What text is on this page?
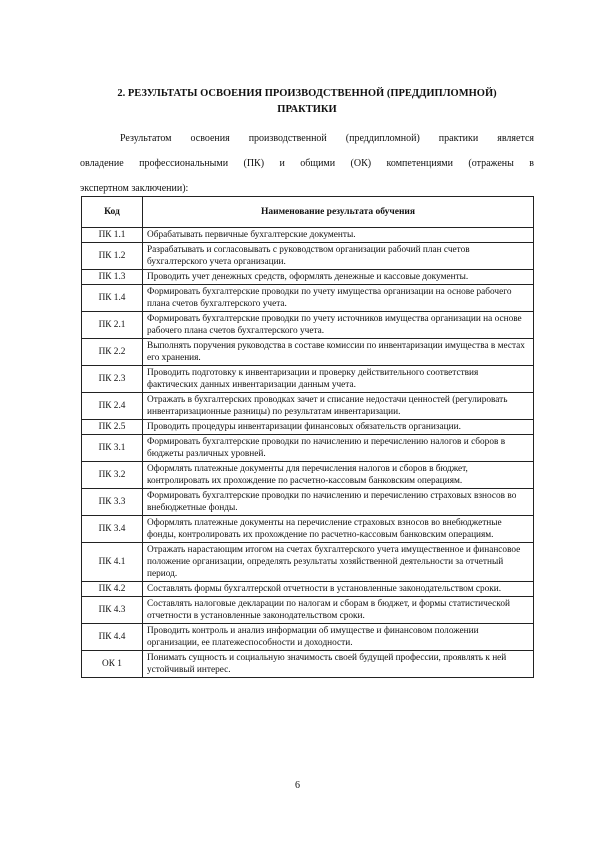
2. РЕЗУЛЬТАТЫ ОСВОЕНИЯ ПРОИЗВОДСТВЕННОЙ (ПРЕДДИПЛОМНОЙ)
ПРАКТИКИ
Результатом освоения производственной (преддипломной) практики является
овладение профессиональными (ПК) и общими (ОК) компетенциями (отражены в
экспертном заключении):
Код	Наименование результата обучения
ПК 1.1	Обрабатывать первичные бухгалтерские документы.
ПК 1.2	Разрабатывать и согласовывать с руководством организации рабочий план счетов бухгалтерского учета организации.
ПК 1.3	Проводить учет денежных средств, оформлять денежные и кассовые документы.
ПК 1.4	Формировать бухгалтерские проводки по учету имущества организации на основе рабочего плана счетов бухгалтерского учета.
ПК 2.1	Формировать бухгалтерские проводки по учету источников имущества организации на основе рабочего плана счетов бухгалтерского учета.
ПК 2.2	Выполнять поручения руководства в составе комиссии по инвентаризации имущества в местах его хранения.
ПК 2.3	Проводить подготовку к инвентаризации и проверку действительного соответствия фактических данных инвентаризации данным учета.
ПК 2.4	Отражать в бухгалтерских проводках зачет и списание недостачи ценностей (регулировать инвентаризационные разницы) по результатам инвентаризации.
ПК 2.5	Проводить процедуры инвентаризации финансовых обязательств организации.
ПК 3.1	Формировать бухгалтерские проводки по начислению и перечислению налогов и сборов в бюджеты различных уровней.
ПК 3.2	Оформлять платежные документы для перечисления налогов и сборов в бюджет, контролировать их прохождение по расчетно-кассовым банковским операциям.
ПК 3.3	Формировать бухгалтерские проводки по начислению и перечислению страховых взносов во внебюджетные фонды.
ПК 3.4	Оформлять платежные документы на перечисление страховых взносов во внебюджетные фонды, контролировать их прохождение по расчетно-кассовым банковским операциям.
ПК 4.1	Отражать нарастающим итогом на счетах бухгалтерского учета имущественное и финансовое положение организации, определять результаты хозяйственной деятельности за отчетный период.
ПК 4.2	Составлять формы бухгалтерской отчетности в установленные законодательством сроки.
ПК 4.3	Составлять налоговые декларации по налогам и сборам в бюджет, и формы статистической отчетности в установленные законодательством сроки.
ПК 4.4	Проводить контроль и анализ информации об имуществе и финансовом положении организации, ее платежеспособности и доходности.
ОК 1	Понимать сущность и социальную значимость своей будущей профессии, проявлять к ней устойчивый интерес.
6
